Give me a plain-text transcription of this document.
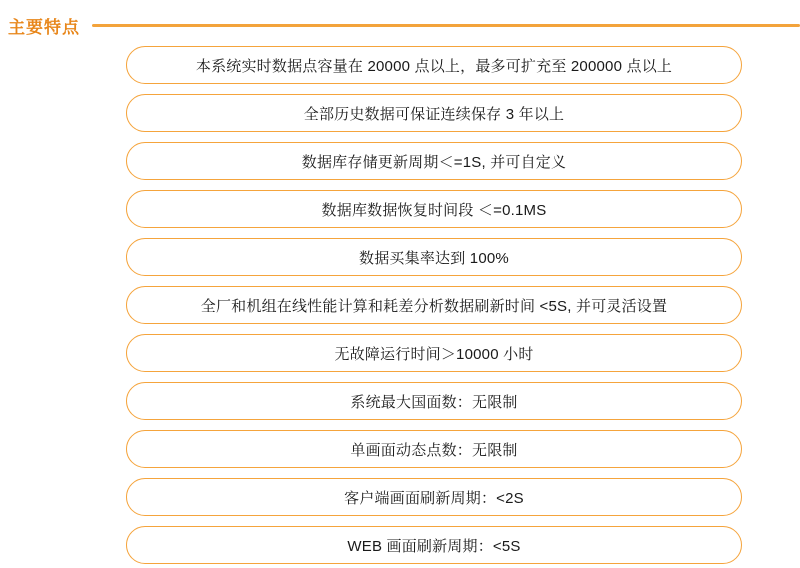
主要特点
本系统实时数据点容量在 20000 点以上，最多可扩充至 200000 点以上
全部历史数据可保证连续保存 3 年以上
数据库存储更新周期＜=1S, 并可自定义
数据库数据恢复时间段 ＜=0.1MS
数据买集率达到 100%
全厂和机组在线性能计算和耗差分析数据刷新时间 <5S, 并可灵活设置
无故障运行时间＞10000 小时
系统最大国面数：无限制
单画面动态点数：无限制
客户端画面刷新周期：<2S
WEB 画面刷新周期：<5S
